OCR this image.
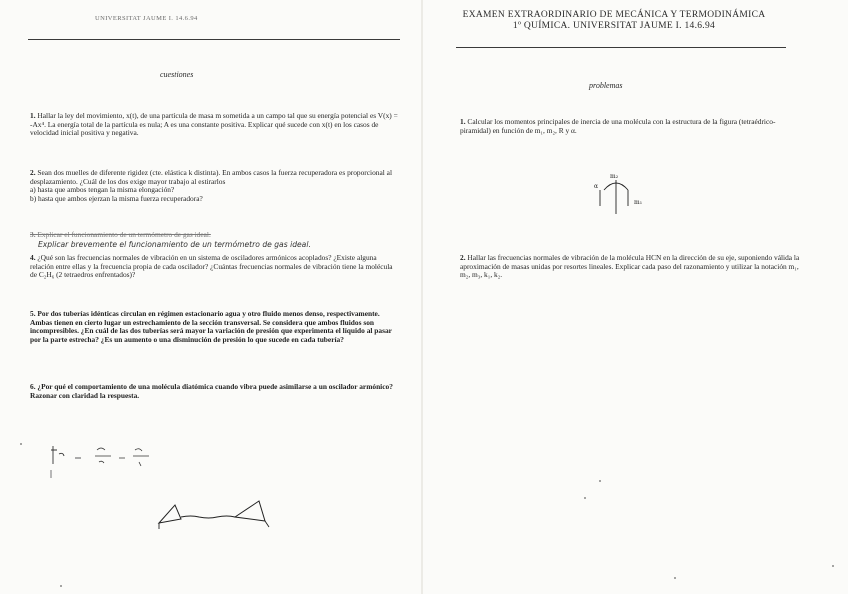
UNIVERSITAT JAUME I. 14.6.94
cuestiones
1. Hallar la ley del movimiento, x(t), de una partícula de masa m sometida a un campo tal que su energía potencial es V(x) = -Ax⁴. La energía total de la partícula es nula; A es una constante positiva. Explicar qué sucede con x(t) en los casos de velocidad inicial positiva y negativa.
2. Sean dos muelles de diferente rigidez (cte. elástica k distinta). En ambos casos la fuerza recuperadora es proporcional al desplazamiento. ¿Cuál de los dos exige mayor trabajo al estirarlos
a) hasta que ambos tengan la misma elongación?
b) hasta que ambos ejerzan la misma fuerza recuperadora?
3. Explicar el funcionamiento de un termómetro de gas ideal.
Explicar brevemente el funcionamiento de un termómetro de gas ideal.
4. ¿Qué son las frecuencias normales de vibración en un sistema de osciladores armónicos acoplados? ¿Existe alguna relación entre ellas y la frecuencia propia de cada oscilador? ¿Cuántas frecuencias normales de vibración tiene la molécula de C₂H₆ (2 tetraedros enfrentados)?
5. Por dos tuberías idénticas circulan en régimen estacionario agua y otro fluido menos denso, respectivamente. Ambas tienen en cierto lugar un estrechamiento de la sección transversal. Se considera que ambos fluidos son incompresibles. ¿En cuál de las dos tuberías será mayor la variación de presión que experimenta el líquido al pasar por la parte estrecha? ¿Es un aumento o una disminución de presión lo que sucede en cada tubería?
6. ¿Por qué el comportamiento de una molécula diatómica cuando vibra puede asimilarse a un oscilador armónico? Razonar con claridad la respuesta.
EXAMEN EXTRAORDINARIO DE MECÁNICA Y TERMODINÁMICA
1º QUÍMICA. UNIVERSITAT JAUME I. 14.6.94
problemas
1. Calcular los momentos principales de inercia de una molécula con la estructura de la figura (tetraédrico-piramidal) en función de m₁, m₂, R y α.
m₂
m₁
α
2. Hallar las frecuencias normales de vibración de la molécula HCN en la dirección de su eje, suponiendo válida la aproximación de masas unidas por resortes lineales. Explicar cada paso del razonamiento y utilizar la notación m₁, m₂, m₃, k₁, k₂.
